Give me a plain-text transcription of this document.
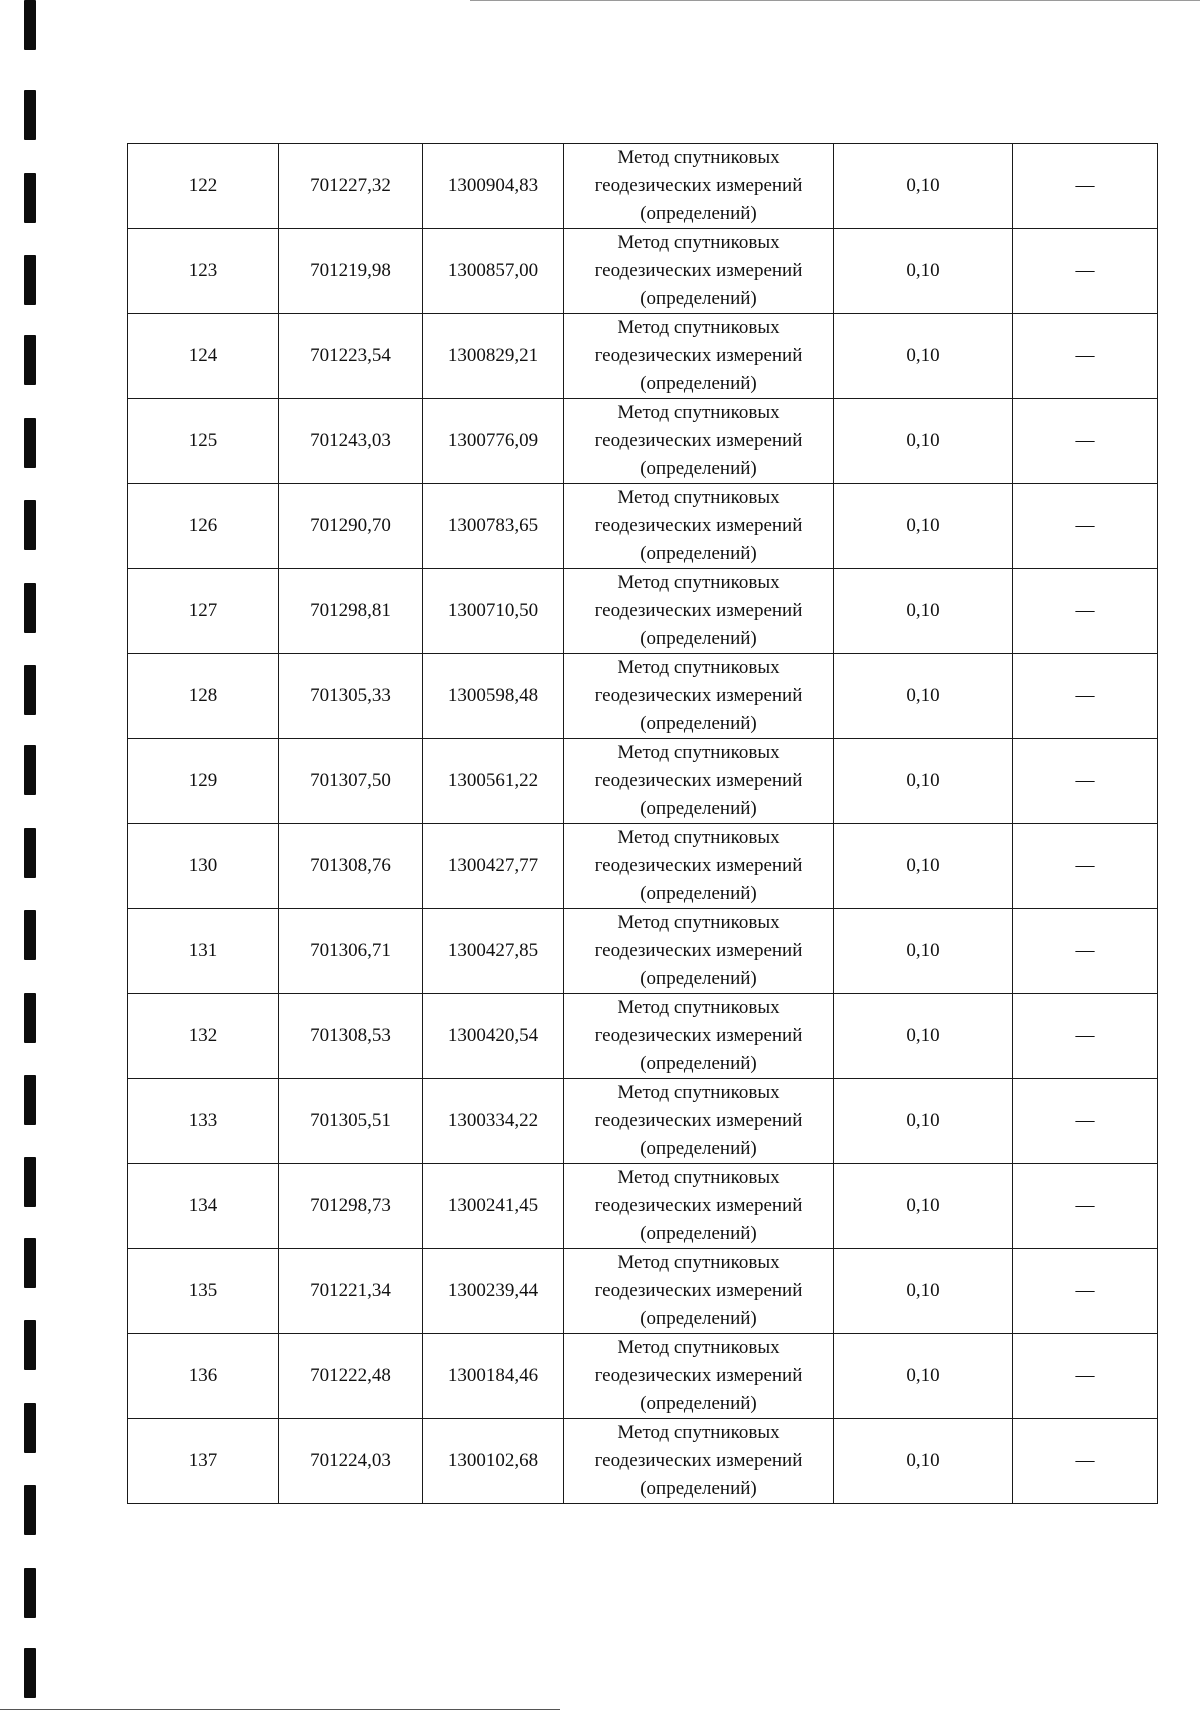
122	701227,32	1300904,83	Метод спутниковых
геодезических измерений
(определений)	0,10	—
123	701219,98	1300857,00	Метод спутниковых
геодезических измерений
(определений)	0,10	—
124	701223,54	1300829,21	Метод спутниковых
геодезических измерений
(определений)	0,10	—
125	701243,03	1300776,09	Метод спутниковых
геодезических измерений
(определений)	0,10	—
126	701290,70	1300783,65	Метод спутниковых
геодезических измерений
(определений)	0,10	—
127	701298,81	1300710,50	Метод спутниковых
геодезических измерений
(определений)	0,10	—
128	701305,33	1300598,48	Метод спутниковых
геодезических измерений
(определений)	0,10	—
129	701307,50	1300561,22	Метод спутниковых
геодезических измерений
(определений)	0,10	—
130	701308,76	1300427,77	Метод спутниковых
геодезических измерений
(определений)	0,10	—
131	701306,71	1300427,85	Метод спутниковых
геодезических измерений
(определений)	0,10	—
132	701308,53	1300420,54	Метод спутниковых
геодезических измерений
(определений)	0,10	—
133	701305,51	1300334,22	Метод спутниковых
геодезических измерений
(определений)	0,10	—
134	701298,73	1300241,45	Метод спутниковых
геодезических измерений
(определений)	0,10	—
135	701221,34	1300239,44	Метод спутниковых
геодезических измерений
(определений)	0,10	—
136	701222,48	1300184,46	Метод спутниковых
геодезических измерений
(определений)	0,10	—
137	701224,03	1300102,68	Метод спутниковых
геодезических измерений
(определений)	0,10	—
